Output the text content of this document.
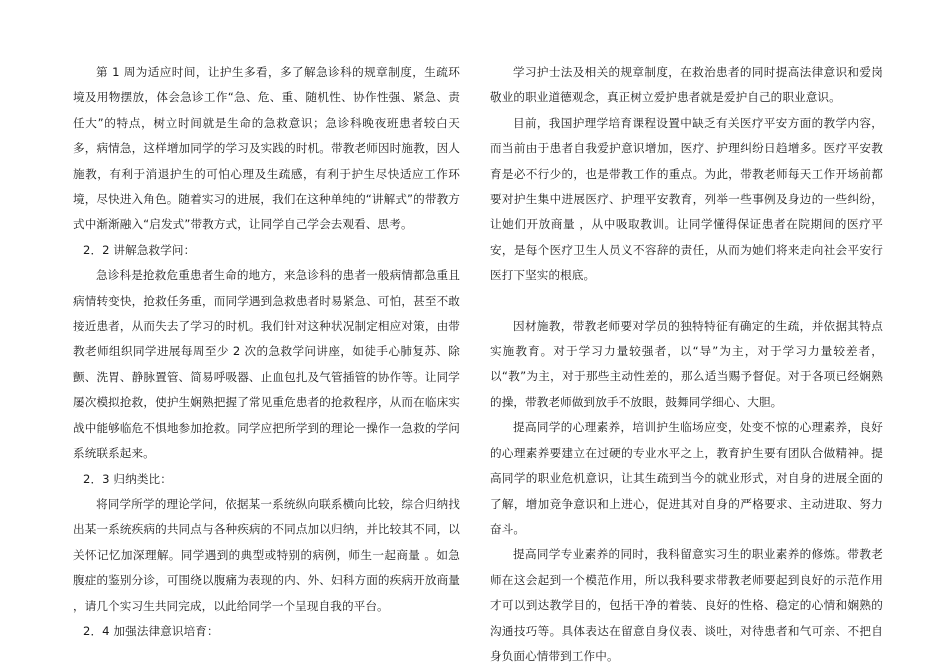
第 1 周为适应时间，让护生多看，多了解急诊科的规章制度，生疏环境及用物摆放，体会急诊工作“急、危、重、随机性、协作性强、紧急、责任大”的特点，树立时间就是生命的急救意识；急诊科晚夜班患者较白天多，病情急，这样增加同学的学习及实践的时机。带教老师因时施教，因人施教，有利于消退护生的可怕心理及生疏感，有利于护生尽快适应工作环境，尽快进入角色。随着实习的进展，我们在这种单纯的“讲解式”的带教方式中渐渐融入“启发式”带教方式，让同学自己学会去观看、思考。

2．2 讲解急救学问：

急诊科是抢救危重患者生命的地方，来急诊科的患者一般病情都急重且病情转变快，抢救任务重，而同学遇到急救患者时易紧急、可怕，甚至不敢接近患者，从而失去了学习的时机。我们针对这种状况制定相应对策，由带教老师组织同学进展每周至少 2 次的急救学问讲座，如徒手心肺复苏、除颤、洗胃、静脉置管、简易呼吸器、止血包扎及气管插管的协作等。让同学屡次模拟抢救，使护生娴熟把握了常见重危患者的抢救程序，从而在临床实战中能够临危不惧地参加抢救。同学应把所学到的理论一操作一急救的学问系统联系起来。

2．3 归纳类比：

将同学所学的理论学问，依据某一系统纵向联系横向比较，综合归纳找出某一系统疾病的共同点与各种疾病的不同点加以归纳，并比较其不同，以关怀记忆加深理解。同学遇到的典型或特别的病例，师生一起商量 。如急腹症的鉴别分诊，可围绕以腹痛为表现的内、外、妇科方面的疾病开放商量 ，请几个实习生共同完成，以此给同学一个呈现自我的平台。

2．4 加强法律意识培育：

学习护士法及相关的规章制度，在救治患者的同时提高法律意识和爱岗敬业的职业道德观念，真正树立爱护患者就是爱护自己的职业意识。

目前，我国护理学培育课程设置中缺乏有关医疗平安方面的教学内容，而当前由于患者自我爱护意识增加，医疗、护理纠纷日趋增多。医疗平安教育是必不行少的，也是带教工作的重点。为此，带教老师每天工作开场前都要对护生集中进展医疗、护理平安教育，列举一些事例及身边的一些纠纷，让她们开放商量 ，从中吸取教训。让同学懂得保证患者在院期间的医疗平安，是每个医疗卫生人员义不容辞的责任，从而为她们将来走向社会平安行医打下坚实的根底。

因材施教，带教老师要对学员的独特特征有确定的生疏，并依据其特点实施教育。对于学习力量较强者，以“导”为主，对于学习力量较差者，以“教”为主，对于那些主动性差的，那么适当赐予督促。对于各项已经娴熟的操，带教老师做到放手不放眼，鼓舞同学细心、大胆。

提高同学的心理素养，培训护生临场应变，处变不惊的心理素养，良好的心理素养要建立在过硬的专业水平之上，教育护生要有团队合做精神。提高同学的职业危机意识，让其生疏到当今的就业形式，对自身的进展全面的了解，增加竞争意识和上进心，促进其对自身的严格要求、主动进取、努力奋斗。

提高同学专业素养的同时，我科留意实习生的职业素养的修炼。带教老师在这会起到一个模范作用，所以我科要求带教老师要起到良好的示范作用才可以到达教学目的，包括干净的着装、良好的性格、稳定的心情和娴熟的沟通技巧等。具体表达在留意自身仪表、谈吐，对待患者和气可亲、不把自身负面心情带到工作中。
